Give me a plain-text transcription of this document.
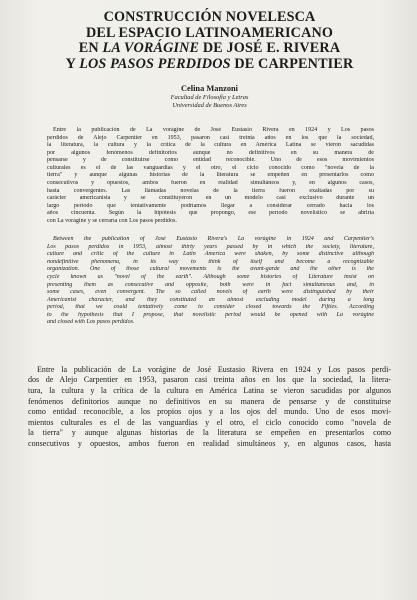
CONSTRUCCIÓN NOVELESCA
DEL ESPACIO LATINOAMERICANO
EN LA VORÁGINE DE JOSÉ E. RIVERA
Y LOS PASOS PERDIDOS DE CARPENTIER
Celina Manzoni
Facultad de Filosofía y Letras
Universidad de Buenos Aires

Entre la publicación de La vorágine de José Eustasio Rivera en 1924 y Los pasos
perdidos de Alejo Carpentier en 1953, pasaron casi treinta años en los que la sociedad,
la literatura, la cultura y la crítica de la cultura en América Latina se vieron sacudidas
por algunos fenómenos definitorios aunque no definitivos en su manera de
pensarse y de constituirse como entidad reconocible. Uno de esos movimientos
culturales es el de las vanguardias y el otro, el ciclo conocido como "novela de la
tierra" y aunque algunas historias de la literatura se empeñen en presentarlos como
consecutivos y opuestos, ambos fueron en realidad simultáneos y, en algunos casos,
hasta convergentes. Las llamadas novelas de la tierra fueron exaltadas por su
carácter americanista y se constituyeron en un modelo casi exclusivo durante un
largo período que tentativamente podríamos llegar a considerar cerrado hacia los
años cincuenta. Según la hipótesis que propongo, ese período novelístico se abriría
con La vorágine y se cerraría con Los pasos perdidos.

Between the publication of José Eustasio Rivera's La vorágine in 1924 and Carpentier's
Los pasos perdidos in 1953, almost thirty years passed by in which the society, literature,
culture and critic of the culture in Latin America were shaken, by some distinctive although
nondefinitive phenomena, in its way to think of itself and become a recognizable
organization. One of those cultural movements is the avant-garde and the other is the
cycle known as "novel of the earth". Although some histories of Literature insist on
presenting them as consecutive and opposite, both were in fact simultaneous and, in
some cases, even convergent. The so called novels of earth were distinguished by their
Americanist character, and they constituted an almost excluding model during a long
period, that we could tentatively come to consider closed towards the Fifties. According
to the hypothesis that I propose, that novelistic period would be opened with La vorágine
and closed with Los pasos perdidos.

Entre la publicación de La vorágine de José Eustasio Rivera en 1924 y Los pasos perdi-
dos de Alejo Carpentier en 1953, pasaron casi treinta años en los que la sociedad, la litera-
tura, la cultura y la crítica de la cultura en América Latina se vieron sacudidas por algunos
fenómenos definitorios aunque no definitivos en su manera de pensarse y de constituirse
como entidad reconocible, a los propios ojos y a los ojos del mundo. Uno de esos movi-
mientos culturales es el de las vanguardias y el otro, el ciclo conocido como "novela de
la tierra" y aunque algunas historias de la literatura se empeñen en presentarlos como
consecutivos y opuestos, ambos fueron en realidad simultáneos y, en algunos casos, hasta
